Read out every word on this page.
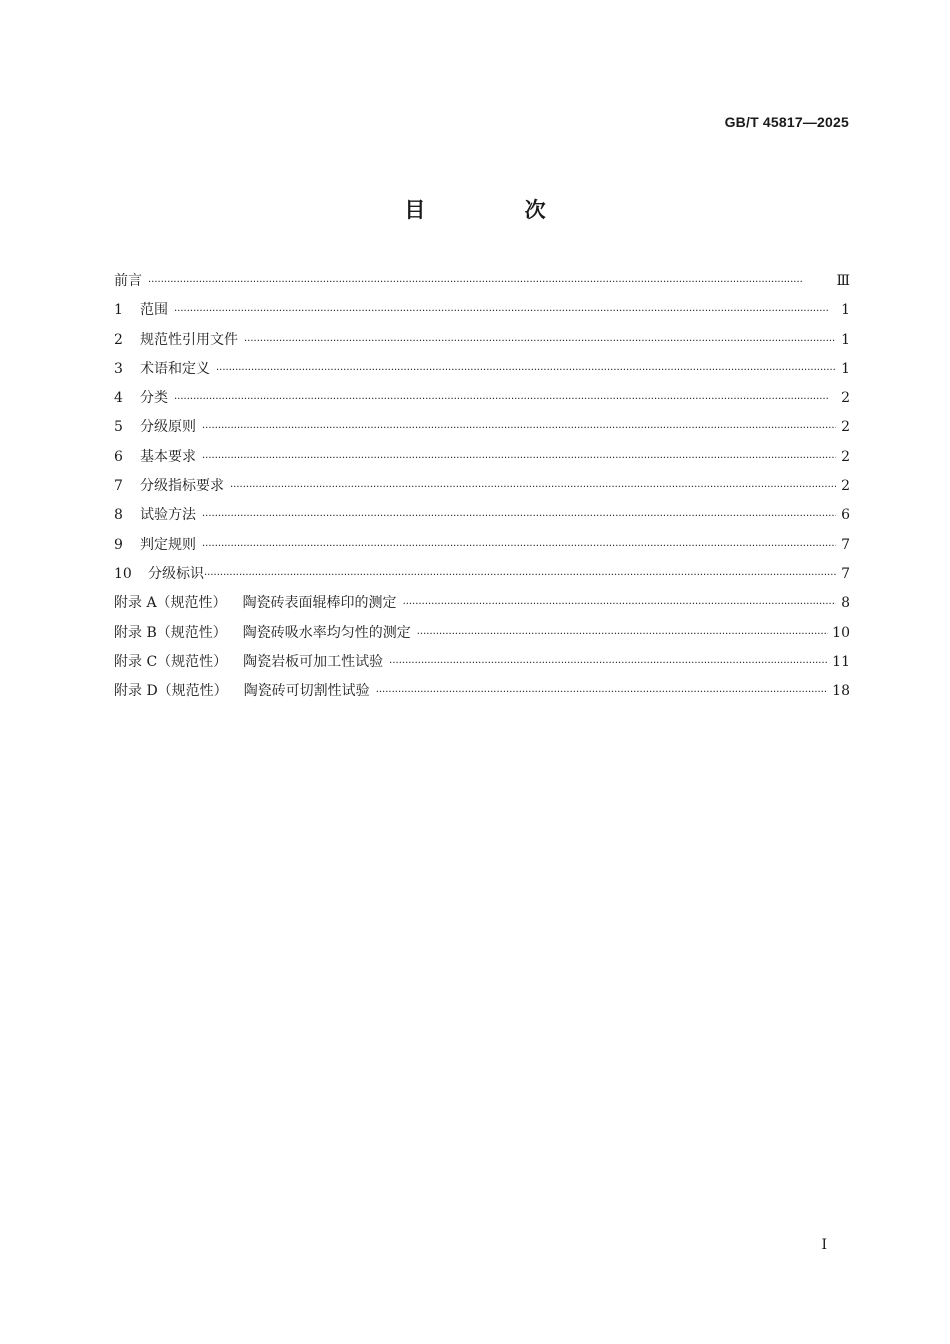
GB/T 45817—2025
目 次
前言 ·····	Ⅲ
1	范围 ·····	1
2	规范性引用文件 ·····	1
3	术语和定义 ·····	1
4	分类 ·····	2
5	分级原则 ·····	2
6	基本要求 ·····	2
7	分级指标要求 ·····	2
8	试验方法 ·····	6
9	判定规则 ·····	7
10	分级标识 ·····	7
附录 A（规范性）	陶瓷砖表面辊棒印的测定 ·····	8
附录 B（规范性）	陶瓷砖吸水率均匀性的测定 ·····	10
附录 C（规范性）	陶瓷岩板可加工性试验 ·····	11
附录 D（规范性）	陶瓷砖可切割性试验 ·····	18
I
